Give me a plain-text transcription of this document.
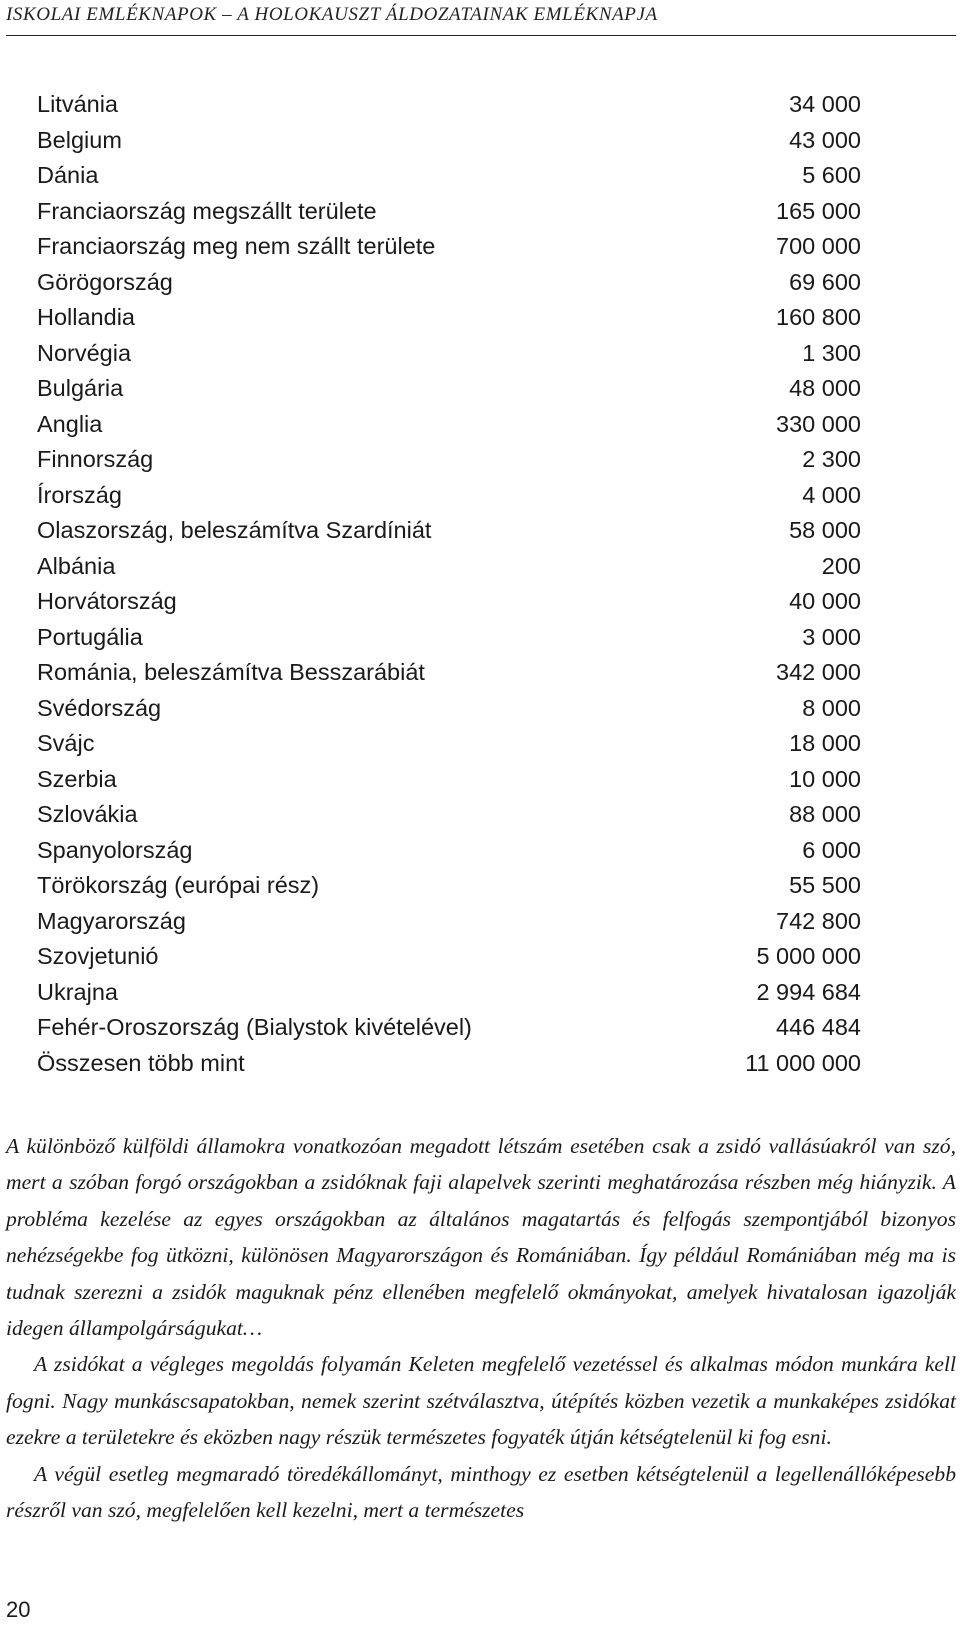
ISKOLAI EMLÉKNAPOK – A HOLOKAUSZT ÁLDOZATAINAK EMLÉKNAPJA
Litvánia	34 000
Belgium	43 000
Dánia	5 600
Franciaország megszállt területe	165 000
Franciaország meg nem szállt területe	700 000
Görögország	69 600
Hollandia	160 800
Norvégia	1 300
Bulgária	48 000
Anglia	330 000
Finnország	2 300
Írország	4 000
Olaszország, beleszámítva Szardíniát	58 000
Albánia	200
Horvátország	40 000
Portugália	3 000
Románia, beleszámítva Besszarábiát	342 000
Svédország	8 000
Svájc	18 000
Szerbia	10 000
Szlovákia	88 000
Spanyolország	6 000
Törökország (európai rész)	55 500
Magyarország	742 800
Szovjetunió	5 000 000
Ukrajna	2 994 684
Fehér-Oroszország (Bialystok kivételével)	446 484
Összesen több mint	11 000 000

A különböző külföldi államokra vonatkozóan megadott létszám esetében csak a zsidó vallásúakról van szó, mert a szóban forgó országokban a zsidóknak faji alapelvek szerinti meghatározása részben még hiányzik. A probléma kezelése az egyes országokban az általános magatartás és felfogás szempontjából bizonyos nehézségekbe fog ütközni, különösen Magyarországon és Romániában. Így például Romániában még ma is tudnak szerezni a zsidók maguknak pénz ellenében megfelelő okmányokat, amelyek hivatalosan igazolják idegen állampolgárságukat…

A zsidókat a végleges megoldás folyamán Keleten megfelelő vezetéssel és alkalmas módon munkára kell fogni. Nagy munkáscsapatokban, nemek szerint szétválasztva, útépítés közben vezetik a munkaképes zsidókat ezekre a területekre és eközben nagy részük természetes fogyaték útján kétségtelenül ki fog esni.

A végül esetleg megmaradó töredékállományt, minthogy ez esetben kétségtelenül a legellenállóképesebb részről van szó, megfelelően kell kezelni, mert a természetes

20
